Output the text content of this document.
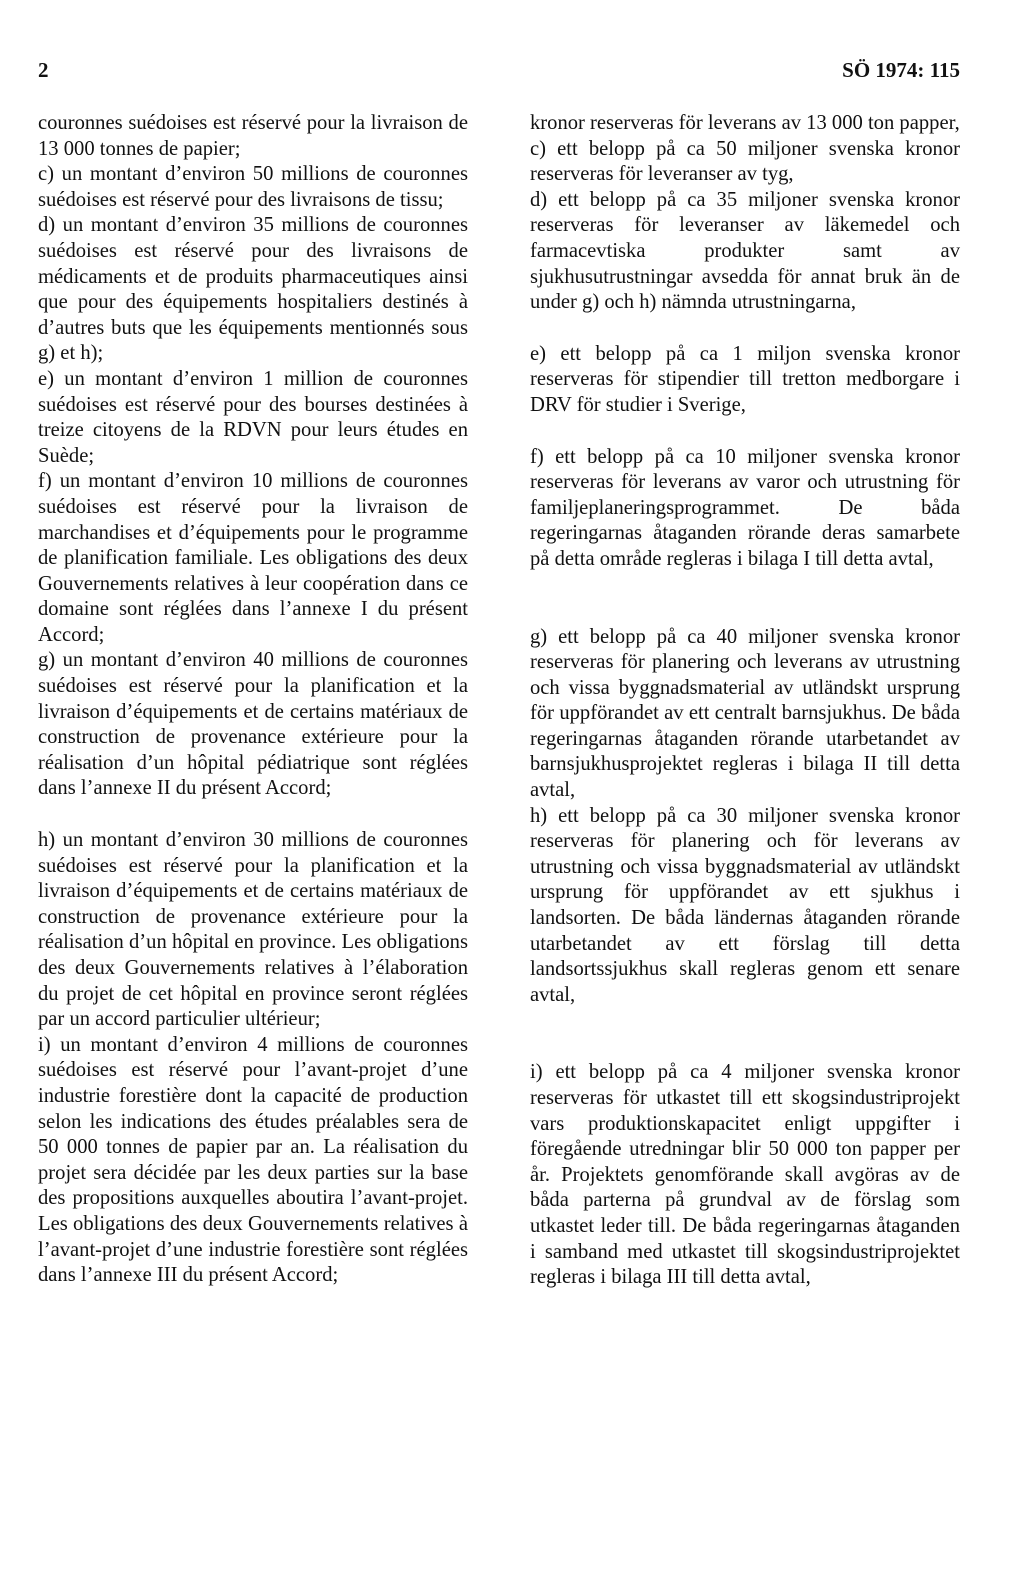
2	SÖ 1974: 115

couronnes suédoises est réservé pour la livraison de 13 000 tonnes de papier;

c) un montant d’environ 50 millions de couronnes suédoises est réservé pour des livraisons de tissu;

d) un montant d’environ 35 millions de couronnes suédoises est réservé pour des livraisons de médicaments et de produits pharmaceutiques ainsi que pour des équipements hospitaliers destinés à d’autres buts que les équipements mentionnés sous g) et h);

e) un montant d’environ 1 million de couronnes suédoises est réservé pour des bourses destinées à treize citoyens de la RDVN pour leurs études en Suède;

f) un montant d’environ 10 millions de couronnes suédoises est réservé pour la livraison de marchandises et d’équipements pour le programme de planification familiale. Les obligations des deux Gouvernements relatives à leur coopération dans ce domaine sont réglées dans l’annexe I du présent Accord;

g) un montant d’environ 40 millions de couronnes suédoises est réservé pour la planification et la livraison d’équipements et de certains matériaux de construction de provenance extérieure pour la réalisation d’un hôpital pédiatrique sont réglées dans l’annexe II du présent Accord;

h) un montant d’environ 30 millions de couronnes suédoises est réservé pour la planification et la livraison d’équipements et de certains matériaux de construction de provenance extérieure pour la réalisation d’un hôpital en province. Les obligations des deux Gouvernements relatives à l’élaboration du projet de cet hôpital en province seront réglées par un accord particulier ultérieur;

i) un montant d’environ 4 millions de couronnes suédoises est réservé pour l’avant-projet d’une industrie forestière dont la capacité de production selon les indications des études préalables sera de 50 000 tonnes de papier par an. La réalisation du projet sera décidée par les deux parties sur la base des propositions auxquelles aboutira l’avant-projet. Les obligations des deux Gouvernements relatives à l’avant-projet d’une industrie forestière sont réglées dans l’annexe III du présent Accord;

kronor reserveras för leverans av 13 000 ton papper,

c) ett belopp på ca 50 miljoner svenska kronor reserveras för leveranser av tyg,

d) ett belopp på ca 35 miljoner svenska kronor reserveras för leveranser av läkemedel och farmacevtiska produkter samt av sjukhusutrustningar avsedda för annat bruk än de under g) och h) nämnda utrustningarna,

e) ett belopp på ca 1 miljon svenska kronor reserveras för stipendier till tretton medborgare i DRV för studier i Sverige,

f) ett belopp på ca 10 miljoner svenska kronor reserveras för leverans av varor och utrustning för familjeplaneringsprogrammet. De båda regeringarnas åtaganden rörande deras samarbete på detta område regleras i bilaga I till detta avtal,

g) ett belopp på ca 40 miljoner svenska kronor reserveras för planering och leverans av utrustning och vissa byggnadsmaterial av utländskt ursprung för uppförandet av ett centralt barnsjukhus. De båda regeringarnas åtaganden rörande utarbetandet av barnsjukhusprojektet regleras i bilaga II till detta avtal,

h) ett belopp på ca 30 miljoner svenska kronor reserveras för planering och för leverans av utrustning och vissa byggnadsmaterial av utländskt ursprung för uppförandet av ett sjukhus i landsorten. De båda ländernas åtaganden rörande utarbetandet av ett förslag till detta landsortssjukhus skall regleras genom ett senare avtal,

i) ett belopp på ca 4 miljoner svenska kronor reserveras för utkastet till ett skogsindustriprojekt vars produktionskapacitet enligt uppgifter i föregående utredningar blir 50 000 ton papper per år. Projektets genomförande skall avgöras av de båda parterna på grundval av de förslag som utkastet leder till. De båda regeringarnas åtaganden i samband med utkastet till skogsindustriprojektet regleras i bilaga III till detta avtal,
